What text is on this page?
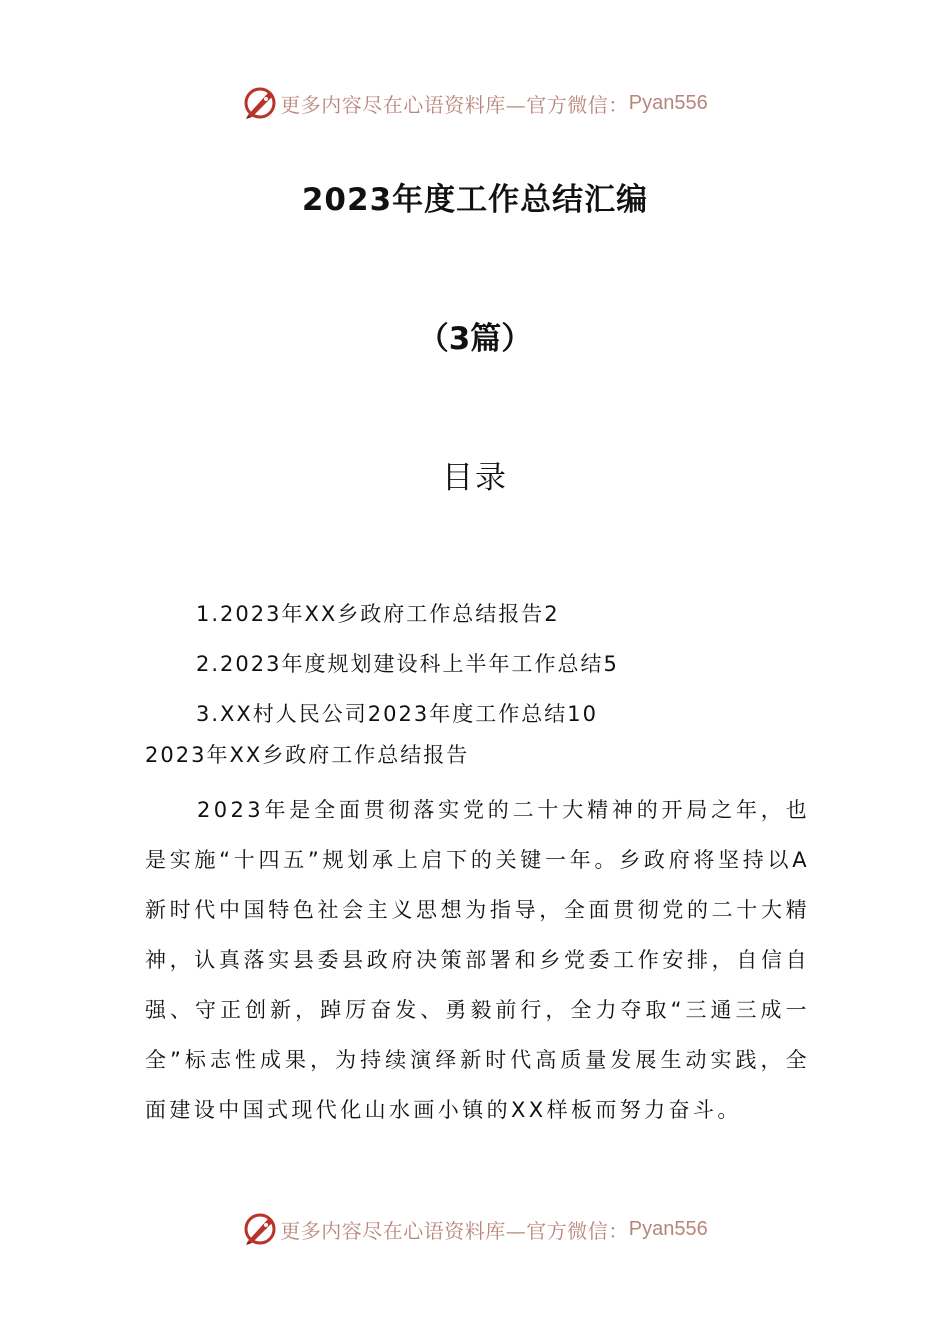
更多内容尽在心语资料库—官方微信： Pyan556
2023年度工作总结汇编
（3篇）
目录
1.2023年XX乡政府工作总结报告2
2.2023年度规划建设科上半年工作总结5
3.XX村人民公司2023年度工作总结10
2023年XX乡政府工作总结报告

2023年是全面贯彻落实党的二十大精神的开局之年，也是实施“十四五”规划承上启下的关键一年。乡政府将坚持以A新时代中国特色社会主义思想为指导，全面贯彻党的二十大精神，认真落实县委县政府决策部署和乡党委工作安排，自信自强、守正创新，踔厉奋发、勇毅前行，全力夺取“三通三成一全”标志性成果，为持续演绎新时代高质量发展生动实践，全面建设中国式现代化山水画小镇的XX样板而努力奋斗。

更多内容尽在心语资料库—官方微信： Pyan556
